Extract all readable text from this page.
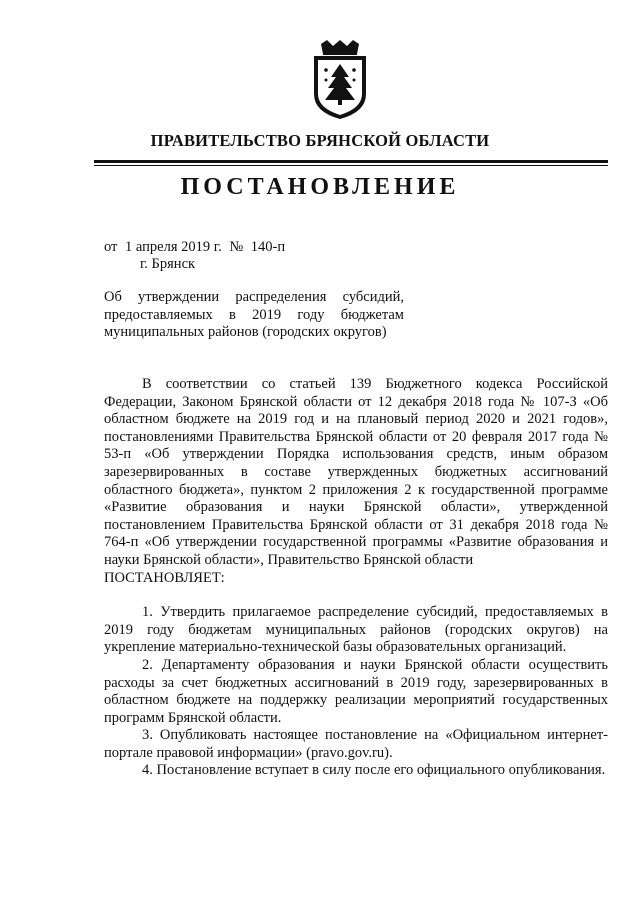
ПРАВИТЕЛЬСТВО БРЯНСКОЙ ОБЛАСТИ
ПОСТАНОВЛЕНИЕ
от 1 апреля 2019 г. № 140-п
г. Брянск
Об утверждении распределения субсидий,
предоставляемых в 2019 году бюджетам
муниципальных районов (городских округов)

В соответствии со статьей 139 Бюджетного кодекса Российской Федерации, Законом Брянской области от 12 декабря 2018 года № 107-З «Об областном бюджете на 2019 год и на плановый период 2020 и 2021 годов», постановлениями Правительства Брянской области от 20 февраля 2017 года № 53-п «Об утверждении Порядка использования средств, иным образом зарезервированных в составе утвержденных бюджетных ассигнований областного бюджета», пунктом 2 приложения 2 к государственной программе «Развитие образования и науки Брянской области», утвержденной постановлением Правительства Брянской области от 31 декабря 2018 года № 764-п «Об утверждении государственной программы «Развитие образования и науки Брянской области», Правительство Брянской области

ПОСТАНОВЛЯЕТ:

1. Утвердить прилагаемое распределение субсидий, предоставляемых в 2019 году бюджетам муниципальных районов (городских округов) на укрепление материально-технической базы образовательных организаций.

2. Департаменту образования и науки Брянской области осуществить расходы за счет бюджетных ассигнований в 2019 году, зарезервированных в областном бюджете на поддержку реализации мероприятий государственных программ Брянской области.

3. Опубликовать настоящее постановление на «Официальном интернет-портале правовой информации» (pravo.gov.ru).

4. Постановление вступает в силу после его официального опубликования.
